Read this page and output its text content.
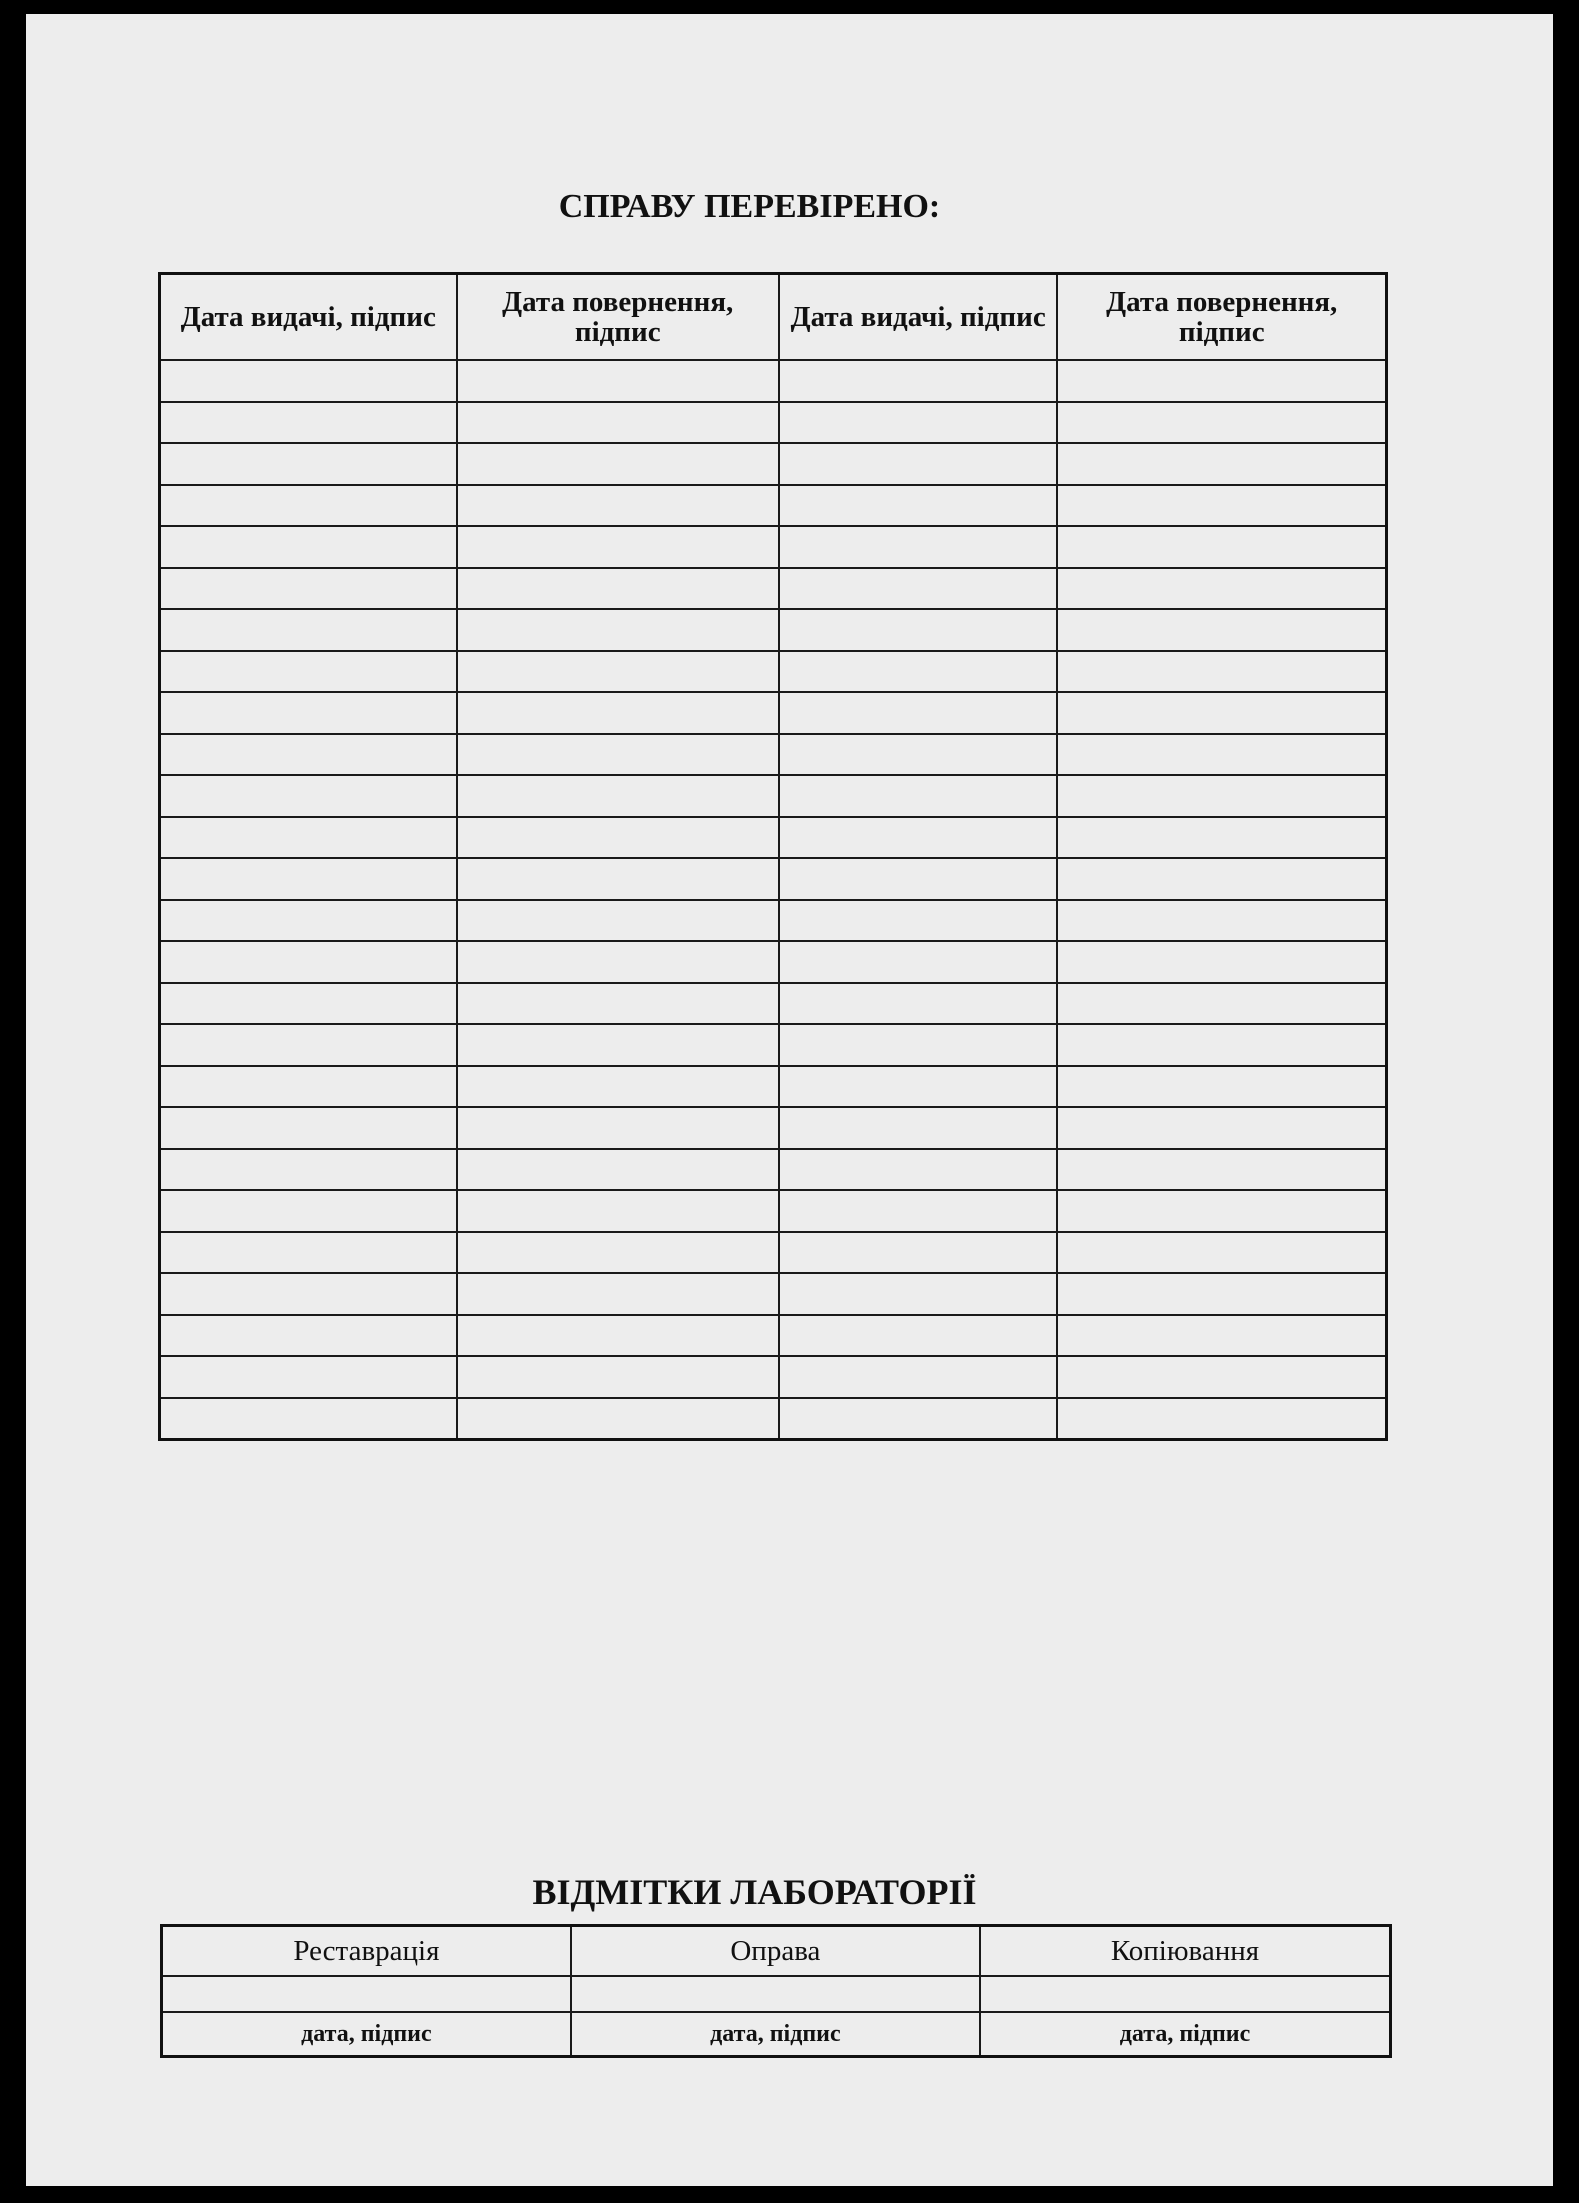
СПРАВУ ПЕРЕВІРЕНО:
Дата видачі, підпис	Дата повернення, підпис	Дата видачі, підпис	Дата повернення, підпис

ВІДМІТКИ ЛАБОРАТОРІЇ
Реставрація	Оправа	Копіювання

дата, підпис	дата, підпис	дата, підпис
